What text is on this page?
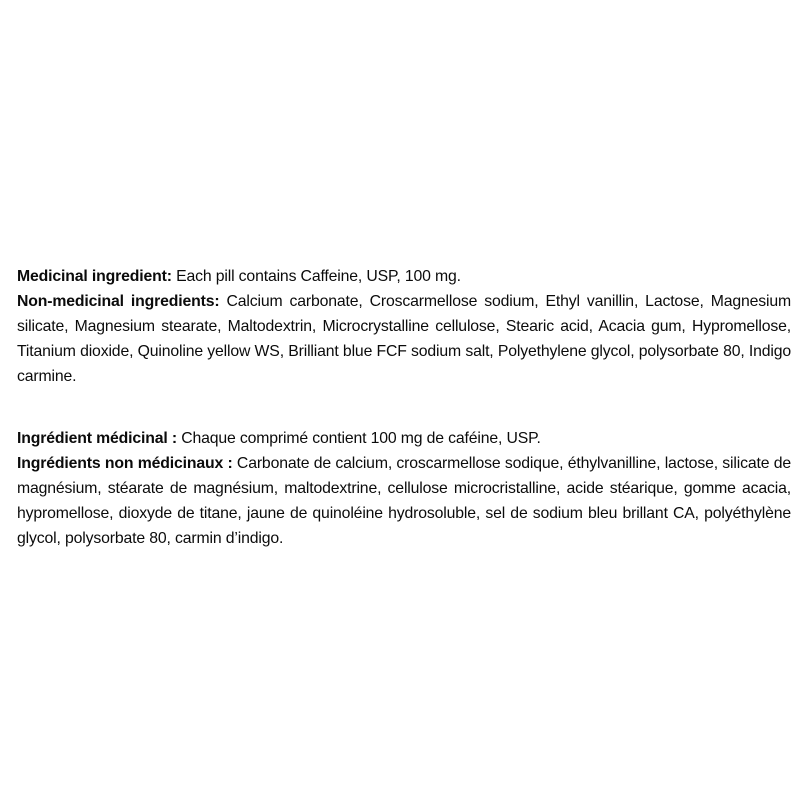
Medicinal ingredient: Each pill contains Caffeine, USP, 100 mg.

Non-medicinal ingredients: Calcium carbonate, Croscarmellose sodium, Ethyl vanillin, Lactose, Magnesium silicate, Magnesium stearate, Maltodextrin, Microcrystalline cellulose, Stearic acid, Acacia gum, Hypromellose, Titanium dioxide, Quinoline yellow WS, Brilliant blue FCF sodium salt, Polyethylene glycol, polysorbate 80, Indigo carmine.

Ingrédient médicinal : Chaque comprimé contient 100 mg de caféine, USP.

Ingrédients non médicinaux : Carbonate de calcium, croscarmellose sodique, éthylvanilline, lactose, silicate de magnésium, stéarate de magnésium, maltodextrine, cellulose microcristalline, acide stéarique, gomme acacia, hypromellose, dioxyde de titane, jaune de quinoléine hydrosoluble, sel de sodium bleu brillant CA, polyéthylène glycol, polysorbate 80, carmin d’indigo.
